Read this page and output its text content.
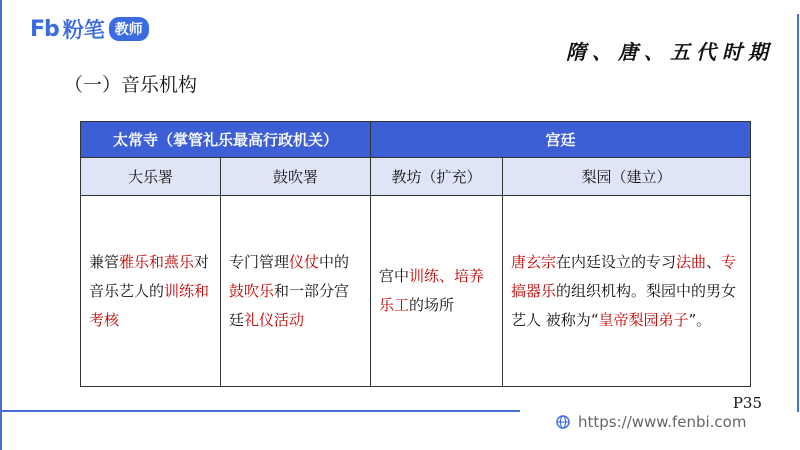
Fb 粉笔 教师
隋、唐、五代时期
（一）音乐机构
太常寺（掌管礼乐最高行政机关）		宫廷	
大乐署	鼓吹署	教坊（扩充）	梨园（建立）
兼管雅乐和燕乐对音乐艺人的训练和考核	专门管理仪仗中的鼓吹乐和一部分宫廷礼仪活动	宫中训练、培养乐工的场所	唐玄宗在内廷设立的专习法曲、专搞器乐的组织机构。梨园中的男女艺人 被称为“皇帝梨园弟子”。
P35
https://www.fenbi.com
